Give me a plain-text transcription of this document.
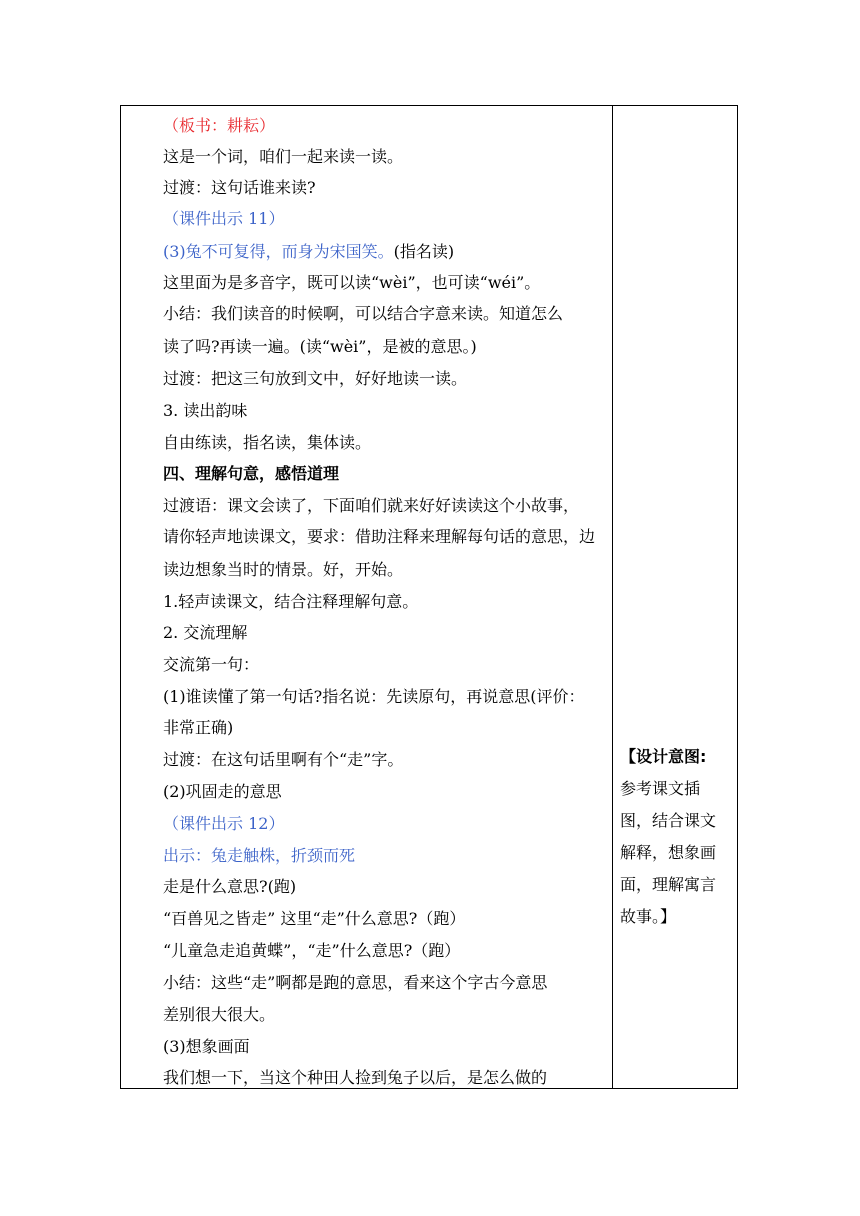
（板书：耕耘）
这是一个词，咱们一起来读一读。
过渡：这句话谁来读?
（课件出示 11）
(3)兔不可复得，而身为宋国笑。(指名读)
这里面为是多音字，既可以读“wèi”，也可读“wéi”。
小结：我们读音的时候啊，可以结合字意来读。知道怎么
读了吗?再读一遍。(读“wèi”，是被的意思。)
过渡：把这三句放到文中，好好地读一读。
3. 读出韵味
自由练读，指名读，集体读。
四、理解句意，感悟道理
过渡语：课文会读了，下面咱们就来好好读读这个小故事，
请你轻声地读课文，要求：借助注释来理解每句话的意思，边
读边想象当时的情景。好，开始。
1.轻声读课文，结合注释理解句意。
2. 交流理解
交流第一句：
(1)谁读懂了第一句话?指名说：先读原句，再说意思(评价：
非常正确)
过渡：在这句话里啊有个“走”字。
(2)巩固走的意思
（课件出示 12）
出示：兔走触株，折颈而死
走是什么意思?(跑)
“百兽见之皆走” 这里“走”什么意思?（跑）
“儿童急走追黄蝶”，“走”什么意思?（跑）
小结：这些“走”啊都是跑的意思，看来这个字古今意思
差别很大很大。
(3)想象画面
我们想一下，当这个种田人捡到兔子以后，是怎么做的
【设计意图:
参考课文插
图，结合课文
解释，想象画
面，理解寓言
故事。】
